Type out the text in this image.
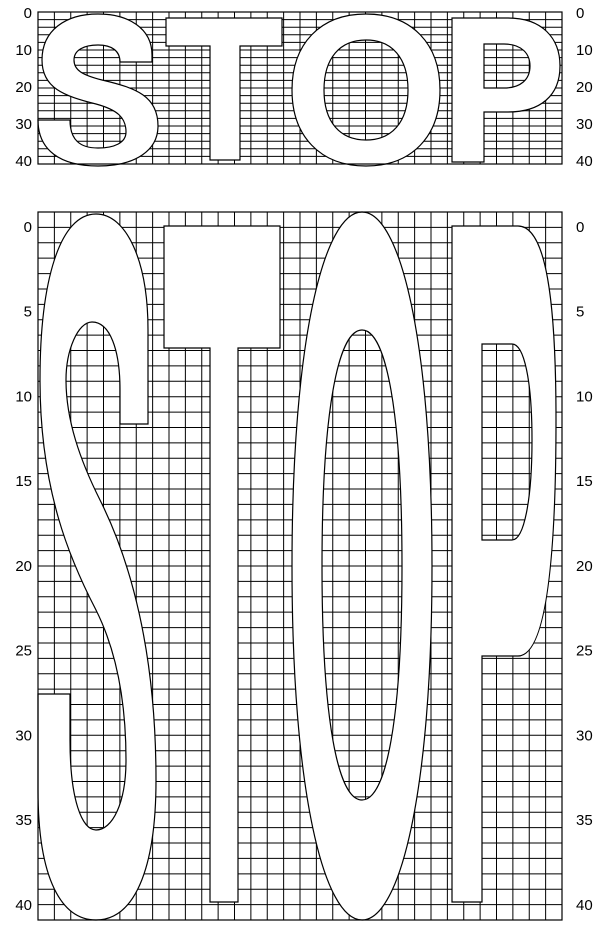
0
10
20
30
40
0
10
20
30
40
0
5
10
15
20
25
30
35
40
0
5
10
15
20
25
30
35
40
